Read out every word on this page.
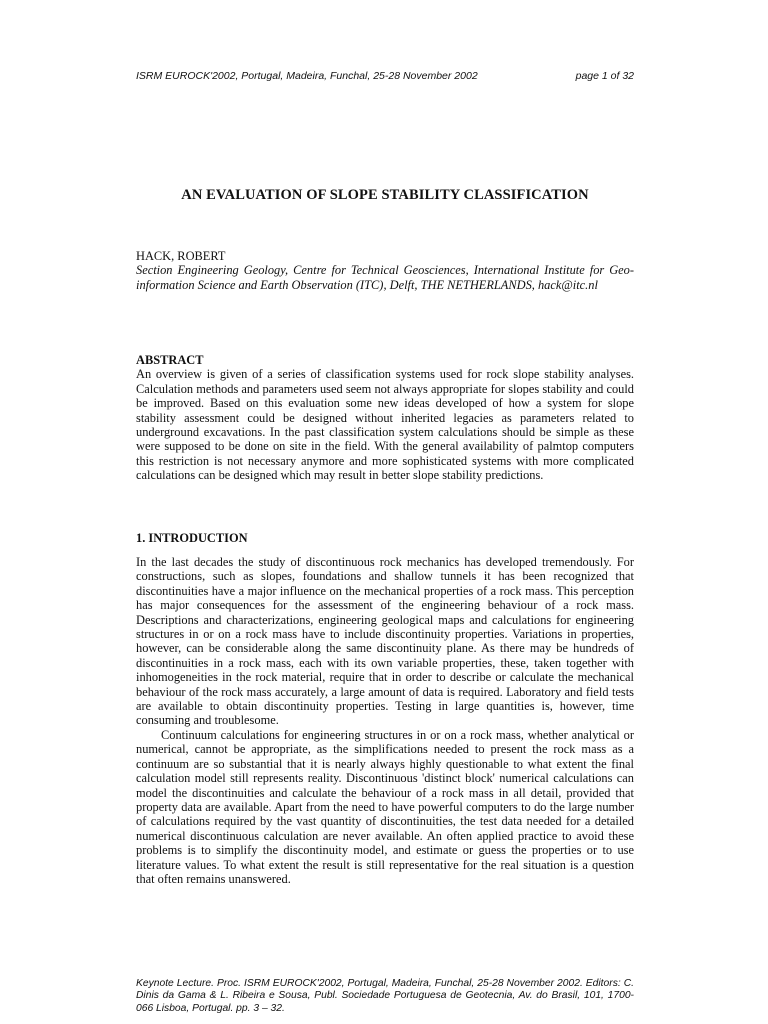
ISRM EUROCK'2002, Portugal, Madeira, Funchal, 25-28 November 2002	page 1 of 32
AN EVALUATION OF SLOPE STABILITY CLASSIFICATION
HACK, ROBERT
Section Engineering Geology, Centre for Technical Geosciences, International Institute for Geo-information Science and Earth Observation (ITC), Delft, THE NETHERLANDS, hack@itc.nl
ABSTRACT

An overview is given of a series of classification systems used for rock slope stability analyses. Calculation methods and parameters used seem not always appropriate for slopes stability and could be improved. Based on this evaluation some new ideas developed of how a system for slope stability assessment could be designed without inherited legacies as parameters related to underground excavations. In the past classification system calculations should be simple as these were supposed to be done on site in the field. With the general availability of palmtop computers this restriction is not necessary anymore and more sophisticated systems with more complicated calculations can be designed which may result in better slope stability predictions.

1. INTRODUCTION

In the last decades the study of discontinuous rock mechanics has developed tremendously. For constructions, such as slopes, foundations and shallow tunnels it has been recognized that discontinuities have a major influence on the mechanical properties of a rock mass. This perception has major consequences for the assessment of the engineering behaviour of a rock mass. Descriptions and characterizations, engineering geological maps and calculations for engineering structures in or on a rock mass have to include discontinuity properties. Variations in properties, however, can be considerable along the same discontinuity plane. As there may be hundreds of discontinuities in a rock mass, each with its own variable properties, these, taken together with inhomogeneities in the rock material, require that in order to describe or calculate the mechanical behaviour of the rock mass accurately, a large amount of data is required. Laboratory and field tests are available to obtain discontinuity properties. Testing in large quantities is, however, time consuming and troublesome.

Continuum calculations for engineering structures in or on a rock mass, whether analytical or numerical, cannot be appropriate, as the simplifications needed to present the rock mass as a continuum are so substantial that it is nearly always highly questionable to what extent the final calculation model still represents reality. Discontinuous 'distinct block' numerical calculations can model the discontinuities and calculate the behaviour of a rock mass in all detail, provided that property data are available. Apart from the need to have powerful computers to do the large number of calculations required by the vast quantity of discontinuities, the test data needed for a detailed numerical discontinuous calculation are never available. An often applied practice to avoid these problems is to simplify the discontinuity model, and estimate or guess the properties or to use literature values. To what extent the result is still representative for the real situation is a question that often remains unanswered.

Keynote Lecture. Proc. ISRM EUROCK'2002, Portugal, Madeira, Funchal, 25-28 November 2002. Editors: C. Dinis da Gama & L. Ribeira e Sousa, Publ. Sociedade Portuguesa de Geotecnia, Av. do Brasil, 101, 1700-066 Lisboa, Portugal. pp. 3 – 32.
